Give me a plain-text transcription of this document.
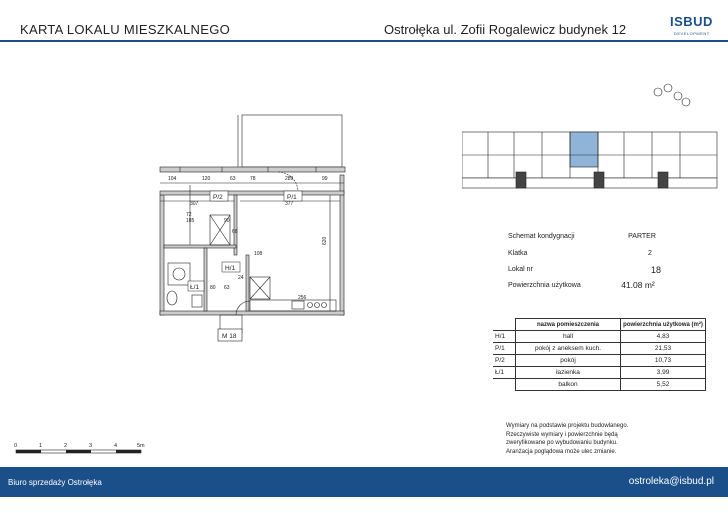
KARTA LOKALU MIESZKALNEGO	Ostrołęka ul. Zofii Rogalewicz budynek 12
ISBUD
DEVELOPMENT
104	120	63	78	289	99
307	377
185
72
90
68
108
80 63
256
620
24
P/2	P/1
H/1
Ł/1
M 18
Schemat kondygnacji	PARTER
Klatka	2
Lokal nr	18
Powierzchnia użytkowa	41.08 m²
	nazwa pomieszczenia	powierzchnia użytkowa (m²)
H/1	hall	4,83
P/1	pokój z aneksem kuch.	21,53
P/2	pokój	10,73
Ł/1	łazienka	3,99
	balkon	5,52
Wymiary na podstawie projektu budowlanego.
Rzeczywiste wymiary i powierzchnie będą
zweryfikowane po wybudowaniu budynku.
Aranżacja poglądowa może ulec zmianie.
0	1	2	3	4	5m
Biuro sprzedaży Ostrołęka	ostroleka@isbud.pl
